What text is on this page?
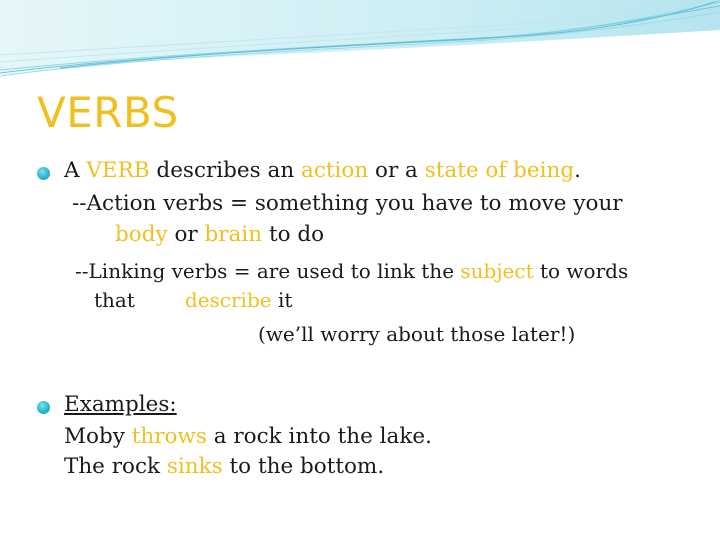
VERBS
A VERB describes an action or a state of being.
--Action verbs = something you have to move your
body or brain to do
--Linking verbs = are used to link the subject to words
that	describe it
(we’ll worry about those later!)
Examples:
Moby throws a rock into the lake.
The rock sinks to the bottom.
